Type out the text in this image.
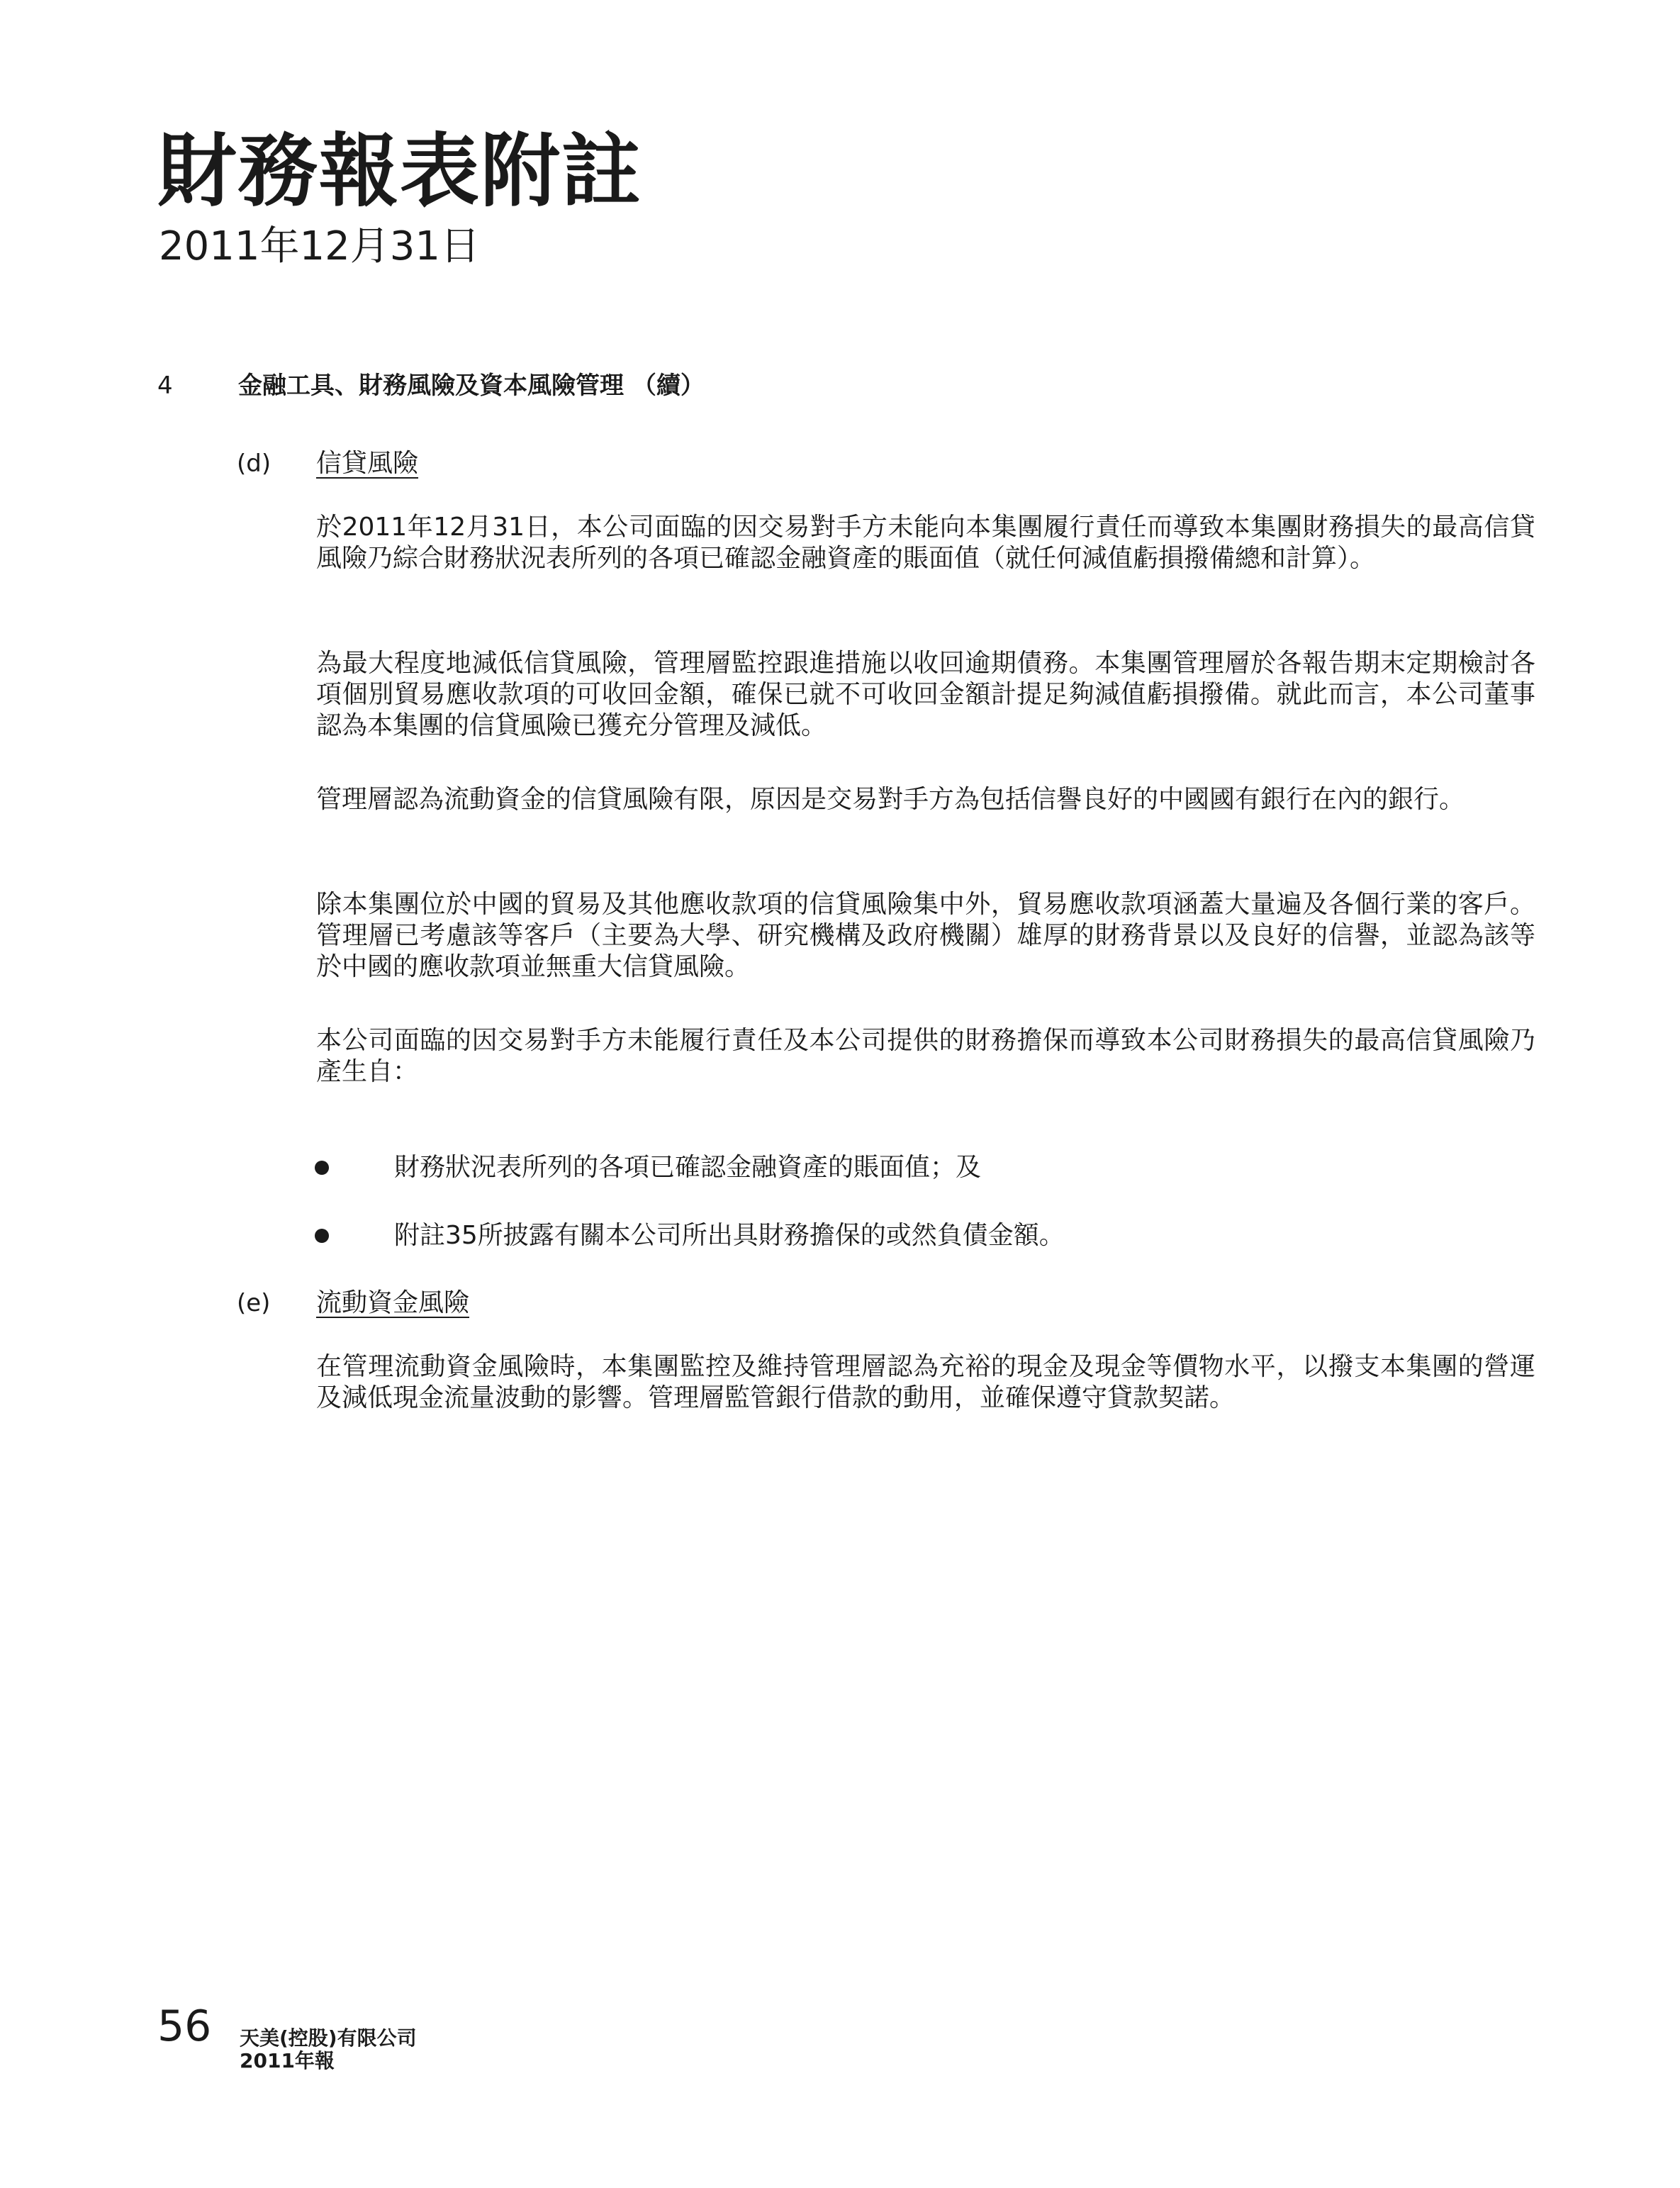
財務報表附註
2011年12月31日
4	金融工具、財務風險及資本風險管理 （續）
(d) 信貸風險

於2011年12月31日，本公司面臨的因交易對手方未能向本集團履行責任而導致本集團財務損失的最高信貸風險乃綜合財務狀況表所列的各項已確認金融資產的賬面值（就任何減值虧損撥備總和計算）。

為最大程度地減低信貸風險，管理層監控跟進措施以收回逾期債務。本集團管理層於各報告期末定期檢討各項個別貿易應收款項的可收回金額，確保已就不可收回金額計提足夠減值虧損撥備。就此而言，本公司董事認為本集團的信貸風險已獲充分管理及減低。

管理層認為流動資金的信貸風險有限，原因是交易對手方為包括信譽良好的中國國有銀行在內的銀行。

除本集團位於中國的貿易及其他應收款項的信貸風險集中外，貿易應收款項涵蓋大量遍及各個行業的客戶。管理層已考慮該等客戶（主要為大學、研究機構及政府機關）雄厚的財務背景以及良好的信譽，並認為該等於中國的應收款項並無重大信貸風險。

本公司面臨的因交易對手方未能履行責任及本公司提供的財務擔保而導致本公司財務損失的最高信貸風險乃產生自：

財務狀況表所列的各項已確認金融資產的賬面值；及
附註35所披露有關本公司所出具財務擔保的或然負債金額。
(e) 流動資金風險

在管理流動資金風險時，本集團監控及維持管理層認為充裕的現金及現金等價物水平，以撥支本集團的營運及減低現金流量波動的影響。管理層監管銀行借款的動用，並確保遵守貸款契諾。

56 天美(控股)有限公司
2011年報
